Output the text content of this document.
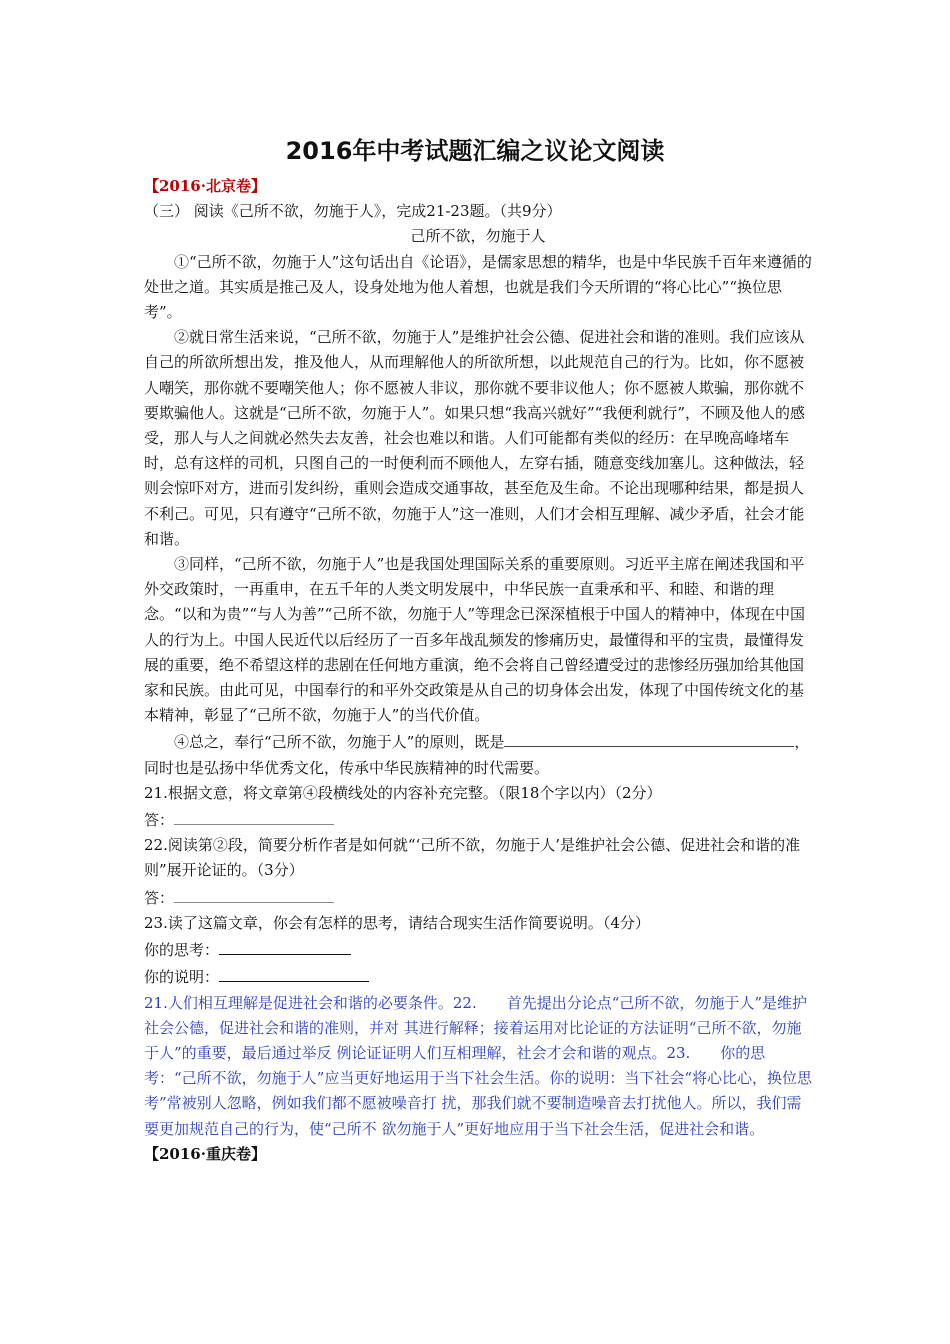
2016年中考试题汇编之议论文阅读

【2016·北京卷】

（三） 阅读《己所不欲，勿施于人》，完成21-23题。（共9分）

己所不欲，勿施于人

①“己所不欲，勿施于人”这句话出自《论语》，是儒家思想的精华，也是中华民族千百年来遵循的处世之道。其实质是推己及人，设身处地为他人着想，也就是我们今天所谓的“将心比心”“换位思考”。

②就日常生活来说，“己所不欲，勿施于人”是维护社会公德、促进社会和谐的准则。我们应该从自己的所欲所想出发，推及他人，从而理解他人的所欲所想，以此规范自己的行为。比如，你不愿被人嘲笑，那你就不要嘲笑他人；你不愿被人非议，那你就不要非议他人；你不愿被人欺骗，那你就不要欺骗他人。这就是“己所不欲，勿施于人”。如果只想“我高兴就好”“我便利就行”，不顾及他人的感受，那人与人之间就必然失去友善，社会也难以和谐。人们可能都有类似的经历：在早晚高峰堵车时，总有这样的司机，只图自己的一时便利而不顾他人，左穿右插，随意变线加塞儿。这种做法，轻则会惊吓对方，进而引发纠纷，重则会造成交通事故，甚至危及生命。不论出现哪种结果，都是损人不利己。可见，只有遵守“己所不欲，勿施于人”这一准则，人们才会相互理解、减少矛盾，社会才能和谐。

③同样，“己所不欲，勿施于人”也是我国处理国际关系的重要原则。习近平主席在阐述我国和平外交政策时，一再重申，在五千年的人类文明发展中，中华民族一直秉承和平、和睦、和谐的理念。“以和为贵”“与人为善”“己所不欲，勿施于人”等理念已深深植根于中国人的精神中，体现在中国人的行为上。中国人民近代以后经历了一百多年战乱频发的惨痛历史，最懂得和平的宝贵，最懂得发展的重要，绝不希望这样的悲剧在任何地方重演，绝不会将自己曾经遭受过的悲惨经历强加给其他国家和民族。由此可见，中国奉行的和平外交政策是从自己的切身体会出发，体现了中国传统文化的基本精神，彰显了“己所不欲，勿施于人”的当代价值。

④总之，奉行“己所不欲，勿施于人”的原则，既是	，同时也是弘扬中华优秀文化，传承中华民族精神的时代需要。

21.根据文意，将文章第④段横线处的内容补充完整。（限18个字以内）（2分）

答：

22.阅读第②段，简要分析作者是如何就“‘己所不欲，勿施于人’是维护社会公德、促进社会和谐的准则”展开论证的。（3分）

答：

23.读了这篇文章，你会有怎样的思考，请结合现实生活作简要说明。（4分）

你的思考：

你的说明：

21.人们相互理解是促进社会和谐的必要条件。22.　　首先提出分论点“己所不欲，勿施于人”是维护社会公德，促进社会和谐的准则，并对 其进行解释；接着运用对比论证的方法证明“己所不欲，勿施于人”的重要，最后通过举反 例论证证明人们互相理解，社会才会和谐的观点。23.　　你的思考：“己所不欲，勿施于人”应当更好地运用于当下社会生活。你的说明：当下社会“将心比心，换位思考”常被别人忽略，例如我们都不愿被噪音打 扰，那我们就不要制造噪音去打扰他人。所以，我们需要更加规范自己的行为，使“己所不 欲勿施于人”更好地应用于当下社会生活，促进社会和谐。

【2016·重庆卷】
